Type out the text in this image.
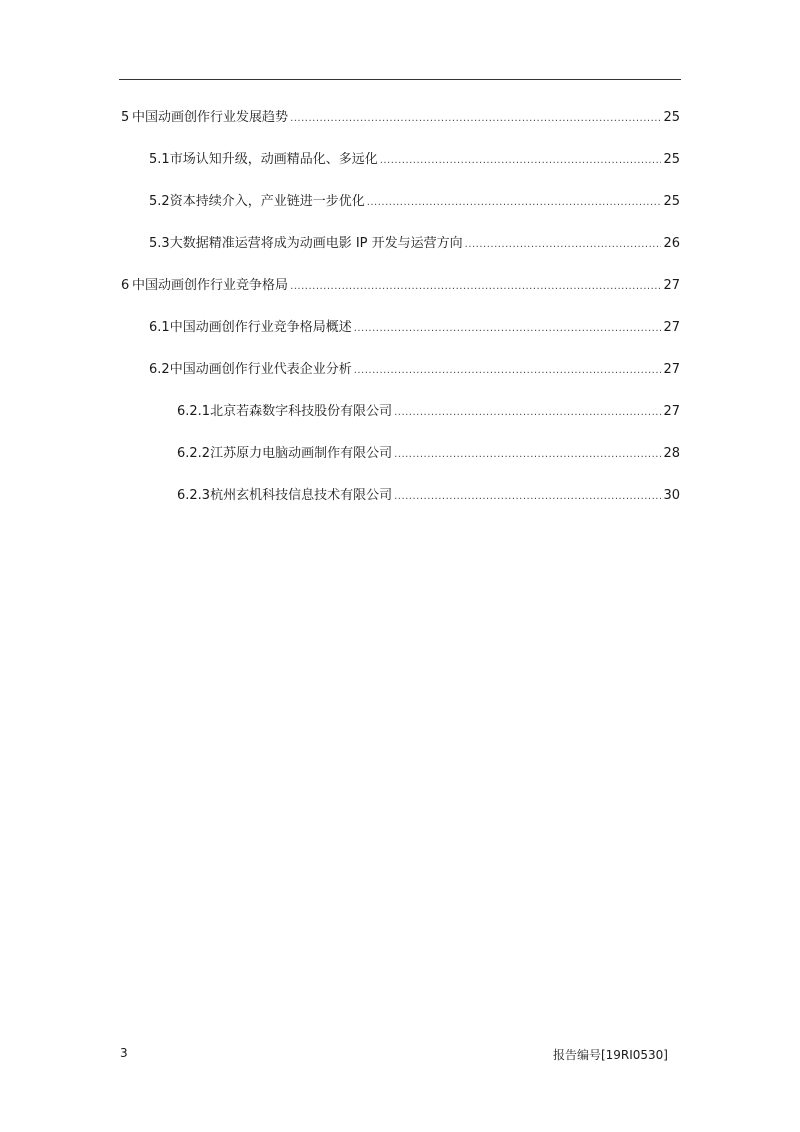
5 中国动画创作行业发展趋势 .....	25
5.1 市场认知升级，动画精品化、多远化 .....	25
5.2 资本持续介入，产业链进一步优化 .....	25
5.3 大数据精准运营将成为动画电影 IP 开发与运营方向 .....	26
6 中国动画创作行业竞争格局 .....	27
6.1 中国动画创作行业竞争格局概述 .....	27
6.2 中国动画创作行业代表企业分析 .....	27
6.2.1 北京若森数字科技股份有限公司 .....	27
6.2.2 江苏原力电脑动画制作有限公司 .....	28
6.2.3 杭州玄机科技信息技术有限公司 .....	30
3	报告编号[19RI0530]
